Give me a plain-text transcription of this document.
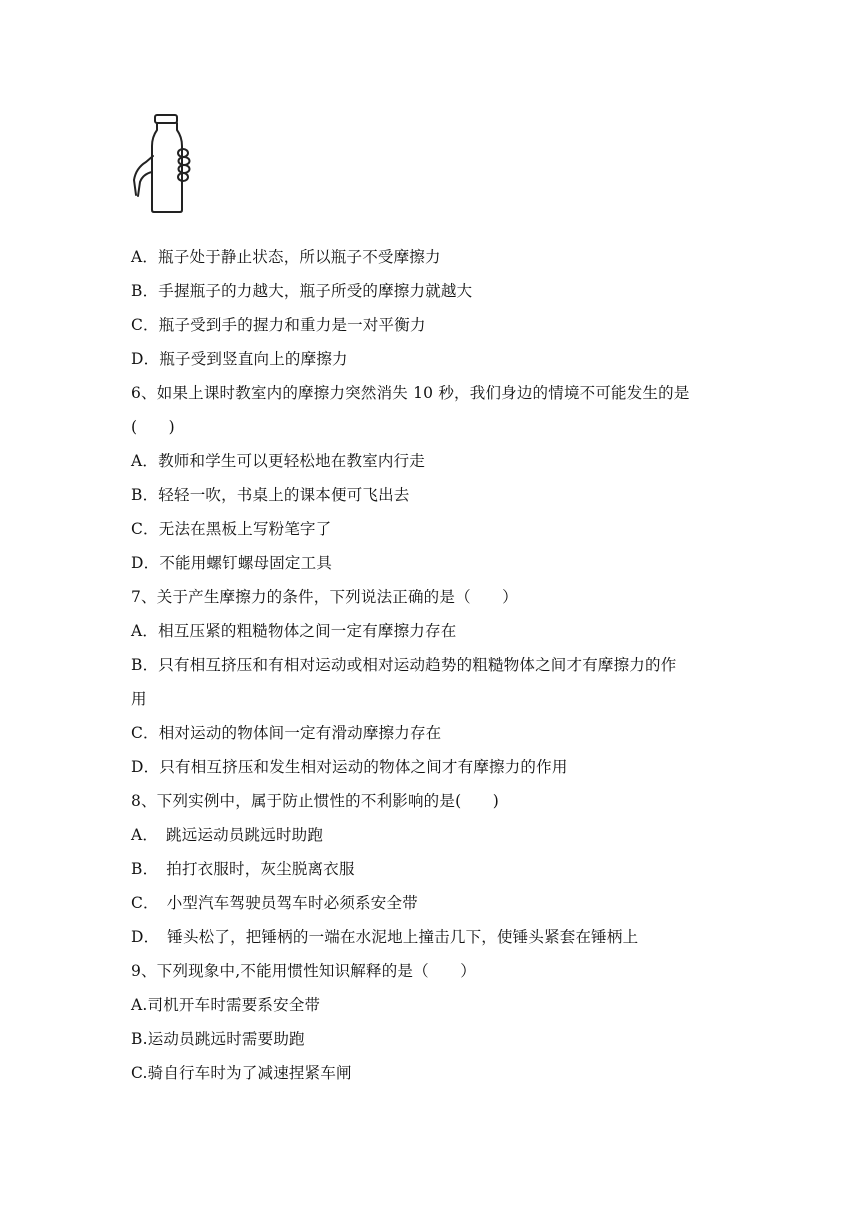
A．瓶子处于静止状态，所以瓶子不受摩擦力
B．手握瓶子的力越大，瓶子所受的摩擦力就越大
C．瓶子受到手的握力和重力是一对平衡力
D．瓶子受到竖直向上的摩擦力
6、如果上课时教室内的摩擦力突然消失 10 秒，我们身边的情境不可能发生的是
(　　)
A．教师和学生可以更轻松地在教室内行走
B．轻轻一吹，书桌上的课本便可飞出去
C．无法在黑板上写粉笔字了
D．不能用螺钉螺母固定工具
7、关于产生摩擦力的条件，下列说法正确的是（　　）
A．相互压紧的粗糙物体之间一定有摩擦力存在
B．只有相互挤压和有相对运动或相对运动趋势的粗糙物体之间才有摩擦力的作
用
C．相对运动的物体间一定有滑动摩擦力存在
D．只有相互挤压和发生相对运动的物体之间才有摩擦力的作用
8、下列实例中，属于防止惯性的不利影响的是(　　)
A．　跳远运动员跳远时助跑
B．　拍打衣服时，灰尘脱离衣服
C．　小型汽车驾驶员驾车时必须系安全带
D．　锤头松了，把锤柄的一端在水泥地上撞击几下，使锤头紧套在锤柄上
9、下列现象中,不能用惯性知识解释的是（　　）
A.司机开车时需要系安全带
B.运动员跳远时需要助跑
C.骑自行车时为了减速捏紧车闸
